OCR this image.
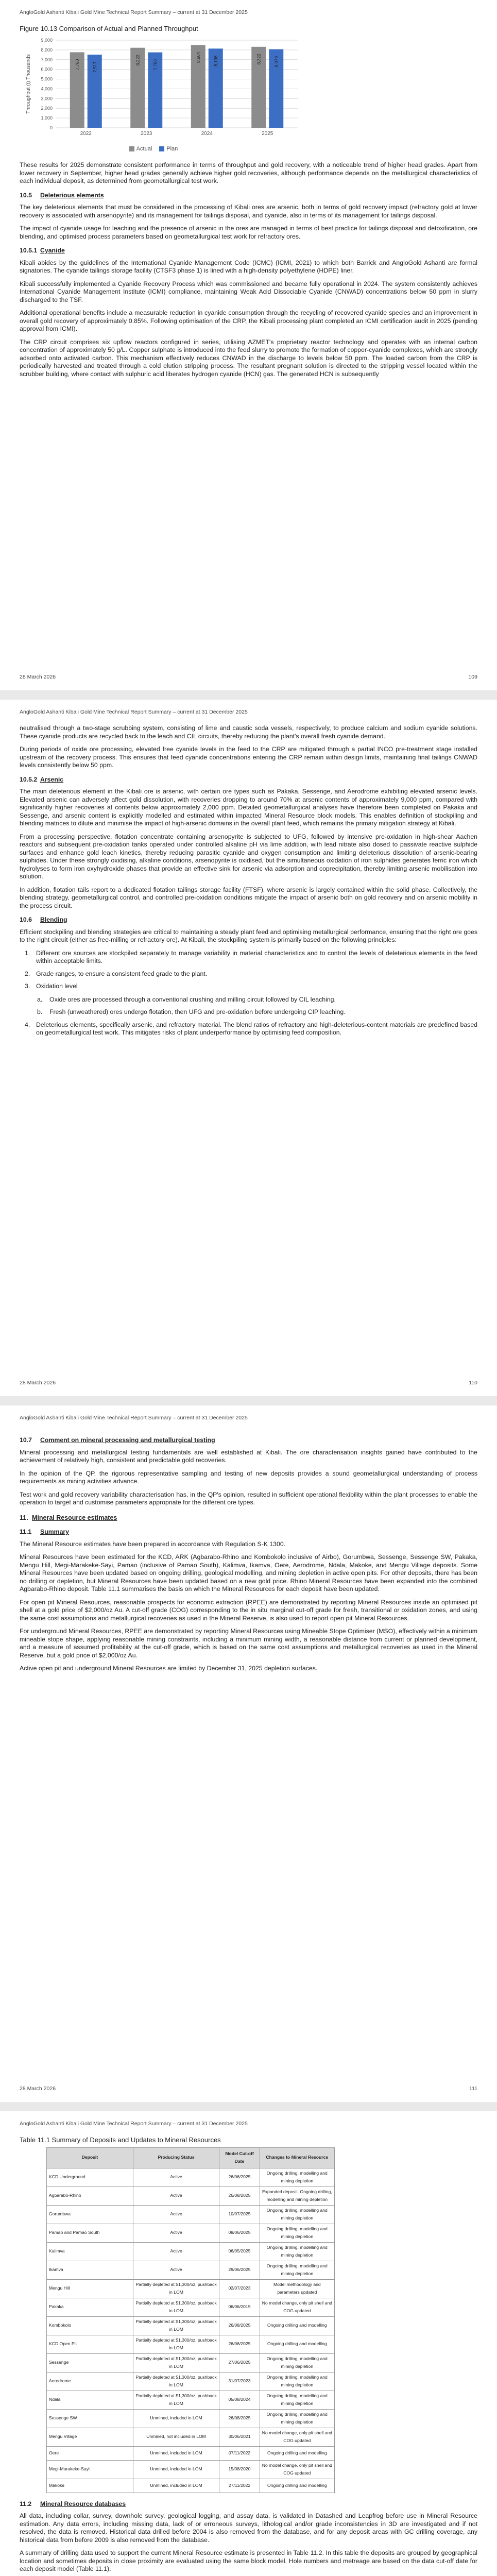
AngloGold Ashanti Kibali Gold Mine Technical Report Summary – current at 31 December 2025
Figure 10.13 Comparison of Actual and Planned Throughput
0
1,000
2,000
3,000
4,000
5,000
6,000
7,000
8,000
9,000
Throughput (t) Thousands	7,760	7,517
2022
8,222	7,750
2023
8,504	8,136
2024
8,322	8,070
2025
Actual	Plan

These results for 2025 demonstrate consistent performance in terms of throughput and gold recovery, with a noticeable trend of higher head grades. Apart from lower recovery in September, higher head grades generally achieve higher gold recoveries, although performance depends on the metallurgical characteristics of each individual deposit, as determined from geometallurgical test work.

10.5 Deleterious elements

The key deleterious elements that must be considered in the processing of Kibali ores are arsenic, both in terms of gold recovery impact (refractory gold at lower recovery is associated with arsenopyrite) and its management for tailings disposal, and cyanide, also in terms of its management for tailings disposal.

The impact of cyanide usage for leaching and the presence of arsenic in the ores are managed in terms of best practice for tailings disposal and detoxification, ore blending, and optimised process parameters based on geometallurgical test work for refractory ores.

10.5.1 Cyanide

Kibali abides by the guidelines of the International Cyanide Management Code (ICMC) (ICMI, 2021) to which both Barrick and AngloGold Ashanti are formal signatories. The cyanide tailings storage facility (CTSF3 phase 1) is lined with a high-density polyethylene (HDPE) liner.

Kibali successfully implemented a Cyanide Recovery Process which was commissioned and became fully operational in 2024. The system consistently achieves International Cyanide Management Institute (ICMI) compliance, maintaining Weak Acid Dissociable Cyanide (CNWAD) concentrations below 50 ppm in slurry discharged to the TSF.

Additional operational benefits include a measurable reduction in cyanide consumption through the recycling of recovered cyanide species and an improvement in overall gold recovery of approximately 0.85%. Following optimisation of the CRP, the Kibali processing plant completed an ICMI certification audit in 2025 (pending approval from ICMI).

The CRP circuit comprises six upflow reactors configured in series, utilising AZMET's proprietary reactor technology and operates with an internal carbon concentration of approximately 50 g/L. Copper sulphate is introduced into the feed slurry to promote the formation of copper-cyanide complexes, which are strongly adsorbed onto activated carbon. This mechanism effectively reduces CNWAD in the discharge to levels below 50 ppm. The loaded carbon from the CRP is periodically harvested and treated through a cold elution stripping process. The resultant pregnant solution is directed to the stripping vessel located within the scrubber building, where contact with sulphuric acid liberates hydrogen cyanide (HCN) gas. The generated HCN is subsequently

28 March 2026	109
AngloGold Ashanti Kibali Gold Mine Technical Report Summary – current at 31 December 2025

neutralised through a two-stage scrubbing system, consisting of lime and caustic soda vessels, respectively, to produce calcium and sodium cyanide solutions. These cyanide products are recycled back to the leach and CIL circuits, thereby reducing the plant's overall fresh cyanide demand.

During periods of oxide ore processing, elevated free cyanide levels in the feed to the CRP are mitigated through a partial INCO pre-treatment stage installed upstream of the recovery process. This ensures that feed cyanide concentrations entering the CRP remain within design limits, maintaining final tailings CNWAD levels consistently below 50 ppm.

10.5.2 Arsenic

The main deleterious element in the Kibali ore is arsenic, with certain ore types such as Pakaka, Sessenge, and Aerodrome exhibiting elevated arsenic levels. Elevated arsenic can adversely affect gold dissolution, with recoveries dropping to around 70% at arsenic contents of approximately 9,000 ppm, compared with significantly higher recoveries at contents below approximately 2,000 ppm. Detailed geometallurgical analyses have therefore been completed on Pakaka and Sessenge, and arsenic content is explicitly modelled and estimated within impacted Mineral Resource block models. This enables definition of stockpiling and blending matrices to dilute and minimise the impact of high-arsenic domains in the overall plant feed, which remains the primary mitigation strategy at Kibali.

From a processing perspective, flotation concentrate containing arsenopyrite is subjected to UFG, followed by intensive pre-oxidation in high-shear Aachen reactors and subsequent pre-oxidation tanks operated under controlled alkaline pH via lime addition, with lead nitrate also dosed to passivate reactive sulphide surfaces and enhance gold leach kinetics, thereby reducing parasitic cyanide and oxygen consumption and limiting deleterious dissolution of arsenic-bearing sulphides. Under these strongly oxidising, alkaline conditions, arsenopyrite is oxidised, but the simultaneous oxidation of iron sulphides generates ferric iron which hydrolyses to form iron oxyhydroxide phases that provide an effective sink for arsenic via adsorption and coprecipitation, thereby limiting arsenic mobilisation into solution.

In addition, flotation tails report to a dedicated flotation tailings storage facility (FTSF), where arsenic is largely contained within the solid phase. Collectively, the blending strategy, geometallurgical control, and controlled pre-oxidation conditions mitigate the impact of arsenic both on gold recovery and on arsenic mobility in the process circuit.

10.6 Blending

Efficient stockpiling and blending strategies are critical to maintaining a steady plant feed and optimising metallurgical performance, ensuring that the right ore goes to the right circuit (either as free-milling or refractory ore). At Kibali, the stockpiling system is primarily based on the following principles:

1. Different ore sources are stockpiled separately to manage variability in material characteristics and to control the levels of deleterious elements in the feed within acceptable limits.
2. Grade ranges, to ensure a consistent feed grade to the plant.
3. Oxidation level
a. Oxide ores are processed through a conventional crushing and milling circuit followed by CIL leaching.
b. Fresh (unweathered) ores undergo flotation, then UFG and pre-oxidation before undergoing CIP leaching.
4. Deleterious elements, specifically arsenic, and refractory material. The blend ratios of refractory and high-deleterious-content materials are predefined based on geometallurgical test work. This mitigates risks of plant underperformance by optimising feed composition.
28 March 2026	110
AngloGold Ashanti Kibali Gold Mine Technical Report Summary – current at 31 December 2025
10.7 Comment on mineral processing and metallurgical testing

Mineral processing and metallurgical testing fundamentals are well established at Kibali. The ore characterisation insights gained have contributed to the achievement of relatively high, consistent and predictable gold recoveries.

In the opinion of the QP, the rigorous representative sampling and testing of new deposits provides a sound geometallurgical understanding of process requirements as mining activities advance.

Test work and gold recovery variability characterisation has, in the QP's opinion, resulted in sufficient operational flexibility within the plant processes to enable the operation to target and customise parameters appropriate for the different ore types.

11. Mineral Resource estimates
11.1 Summary

The Mineral Resource estimates have been prepared in accordance with Regulation S-K 1300.

Mineral Resources have been estimated for the KCD, ARK (Agbarabo-Rhino and Kombokolo inclusive of Airbo), Gorumbwa, Sessenge, Sessenge SW, Pakaka, Mengu Hill, Megi-Marakeke-Sayi, Pamao (inclusive of Pamao South), Kalimva, Ikamva, Oere, Aerodrome, Ndala, Makoke, and Mengu Village deposits. Some Mineral Resources have been updated based on ongoing drilling, geological modelling, and mining depletion in active open pits. For other deposits, there has been no drilling or depletion, but Mineral Resources have been updated based on a new gold price. Rhino Mineral Resources have been expanded into the combined Agbarabo-Rhino deposit. Table 11.1 summarises the basis on which the Mineral Resources for each deposit have been updated.

For open pit Mineral Resources, reasonable prospects for economic extraction (RPEE) are demonstrated by reporting Mineral Resources inside an optimised pit shell at a gold price of $2,000/oz Au. A cut-off grade (COG) corresponding to the in situ marginal cut-off grade for fresh, transitional or oxidation zones, and using the same cost assumptions and metallurgical recoveries as used in the Mineral Reserve, is also used to report open pit Mineral Resources.

For underground Mineral Resources, RPEE are demonstrated by reporting Mineral Resources using Mineable Stope Optimiser (MSO), effectively within a minimum mineable stope shape, applying reasonable mining constraints, including a minimum mining width, a reasonable distance from current or planned development, and a measure of assumed profitability at the cut-off grade, which is based on the same cost assumptions and metallurgical recoveries as used in the Mineral Reserve, but a gold price of $2,000/oz Au.

Active open pit and underground Mineral Resources are limited by December 31, 2025 depletion surfaces.

28 March 2026	111
AngloGold Ashanti Kibali Gold Mine Technical Report Summary – current at 31 December 2025
Table 11.1 Summary of Deposits and Updates to Mineral Resources
Deposit	Producing Status	Model Cut-off Date	Changes to Mineral Resource
KCD Underground	Active	26/06/2025	Ongoing drilling, modelling and mining depletion
Agbarabo-Rhino	Active	26/08/2025	Expanded deposit. Ongoing drilling, modelling and mining depletion
Gorumbwa	Active	10/07/2025	Ongoing drilling, modelling and mining depletion
Pamao and Pamao South	Active	09/06/2025	Ongoing drilling, modelling and mining depletion
Kalimva	Active	06/05/2025	Ongoing drilling, modelling and mining depletion
Ikamva	Active	29/06/2025	Ongoing drilling, modelling and mining depletion
Mengu Hill	Partially depleted at $1,300/oz, pushback in LOM	02/07/2023	Model methodology and parameters updated
Pakaka	Partially depleted at $1,300/oz, pushback in LOM	06/06/2019	No model change, only pit shell and COG updated
Kombokolo	Partially depleted at $1,300/oz, pushback in LOM	26/08/2025	Ongoing drilling and modelling
KCD Open Pit	Partially depleted at $1,300/oz, pushback in LOM	26/06/2025	Ongoing drilling and modelling
Sessenge	Partially depleted at $1,300/oz, pushback in LOM	27/06/2025	Ongoing drilling, modelling and mining depletion
Aerodrome	Partially depleted at $1,300/oz, pushback in LOM	31/07/2023	Ongoing drilling, modelling and mining depletion
Ndala	Partially depleted at $1,300/oz, pushback in LOM	05/08/2024	Ongoing drilling, modelling and mining depletion
Sessenge SW	Unmined, included in LOM	26/08/2025	Ongoing drilling, modelling and mining depletion
Mengu Village	Unmined, not included in LOM	30/06/2021	No model change, only pit shell and COG updated
Oere	Unmined, included in LOM	07/11/2022	Ongoing drilling and modelling
Megi-Marakeke-Sayi	Unmined, included in LOM	15/08/2020	No model change, only pit shell and COG updated
Makoke	Unmined, included in LOM	27/11/2022	Ongoing drilling and modelling
11.2 Mineral Resource databases

All data, including collar, survey, downhole survey, geological logging, and assay data, is validated in Datashed and Leapfrog before use in Mineral Resource estimation. Any data errors, including missing data, lack of or erroneous surveys, lithological and/or grade inconsistencies in 3D are investigated and if not resolved, the data is removed. Historical data drilled before 2004 is also removed from the database, and for any deposit areas with GC drilling coverage, any historical data from before 2009 is also removed from the database.

A summary of drilling data used to support the current Mineral Resource estimate is presented in Table 11.2. In this table the deposits are grouped by geographical location and sometimes deposits in close proximity are evaluated using the same block model. Hole numbers and metreage are based on the data cut-off date for each deposit model (Table 11.1).
